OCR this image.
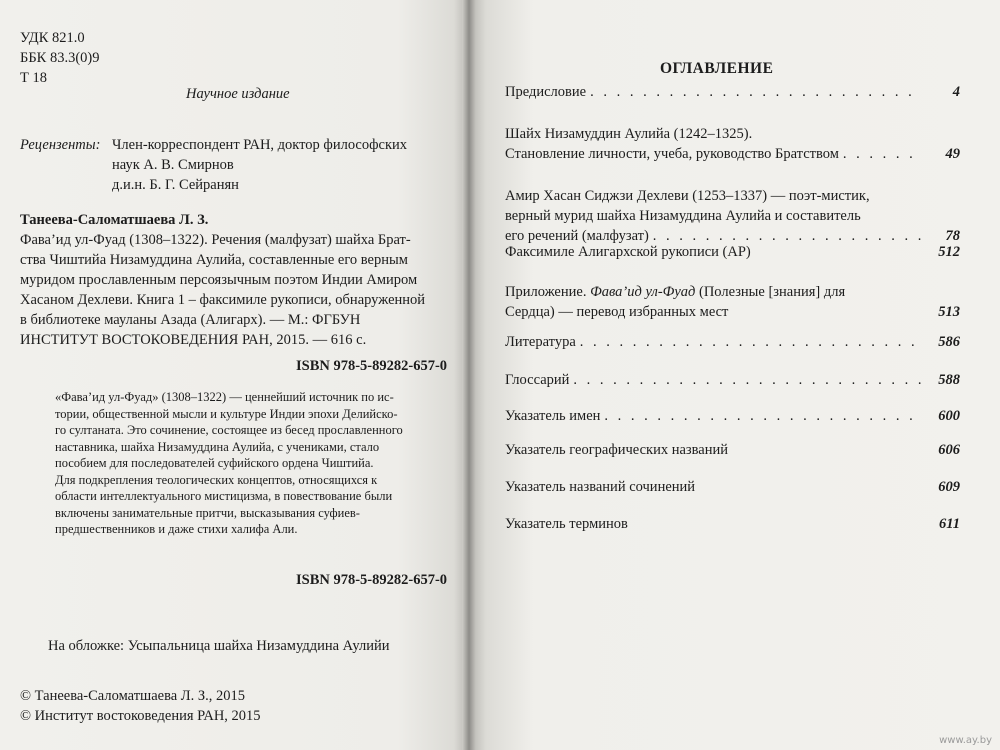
УДК 821.0
ББК 83.3(0)9
Т 18
Научное издание
Рецензенты: Член-корреспондент РАН, доктор философских
наук А. В. Смирнов
д.и.н. Б. Г. Сейранян
Танеева-Саломатшаева Л. З.
Фава’ид ул-Фуад (1308–1322). Речения (малфузат) шайха Брат-
ства Чиштийа Низамуддина Аулийа, составленные его верным
муридом прославленным персоязычным поэтом Индии Амиром
Хасаном Дехлеви. Книга 1 – факсимиле рукописи, обнаруженной
в библиотеке мауланы Азада (Алигарх). — М.: ФГБУН
ИНСТИТУТ ВОСТОКОВЕДЕНИЯ РАН, 2015. — 616 с.
ISBN 978-5-89282-657-0
«Фава’ид ул-Фуад» (1308–1322) — ценнейший источник по ис-
тории, общественной мысли и культуре Индии эпохи Делийско-
го султаната. Это сочинение, состоящее из бесед прославленного
наставника, шайха Низамуддина Аулийа, с учениками, стало
пособием для последователей суфийского ордена Чиштийа.
Для подкрепления теологических концептов, относящихся к
области интеллектуального мистицизма, в повествование были
включены занимательные притчи, высказывания суфиев-
предшественников и даже стихи халифа Али.
ISBN 978-5-89282-657-0
На обложке: Усыпальница шайха Низамуддина Аулийи
© Танеева-Саломатшаева Л. З., 2015
© Институт востоковедения РАН, 2015
ОГЛАВЛЕНИЕ
Предисловие . . .	4
Шайх Низамуддин Аулийа (1242–1325).
Становление личности, учеба, руководство Братством . . .	49
Амир Хасан Сиджзи Дехлеви (1253–1337) — поэт-мистик,
верный мурид шайха Низамуддина Аулийа и составитель
его речений (малфузат) . . .	78
Факсимиле Алигархской рукописи (АР)	512
Приложение. Фава’ид ул-Фуад (Полезные [знания] для
Сердца) — перевод избранных мест	513
Литература . . .	586
Глоссарий . . .	588
Указатель имен . . .	600
Указатель географических названий	606
Указатель названий сочинений	609
Указатель терминов	611
www.ay.by
